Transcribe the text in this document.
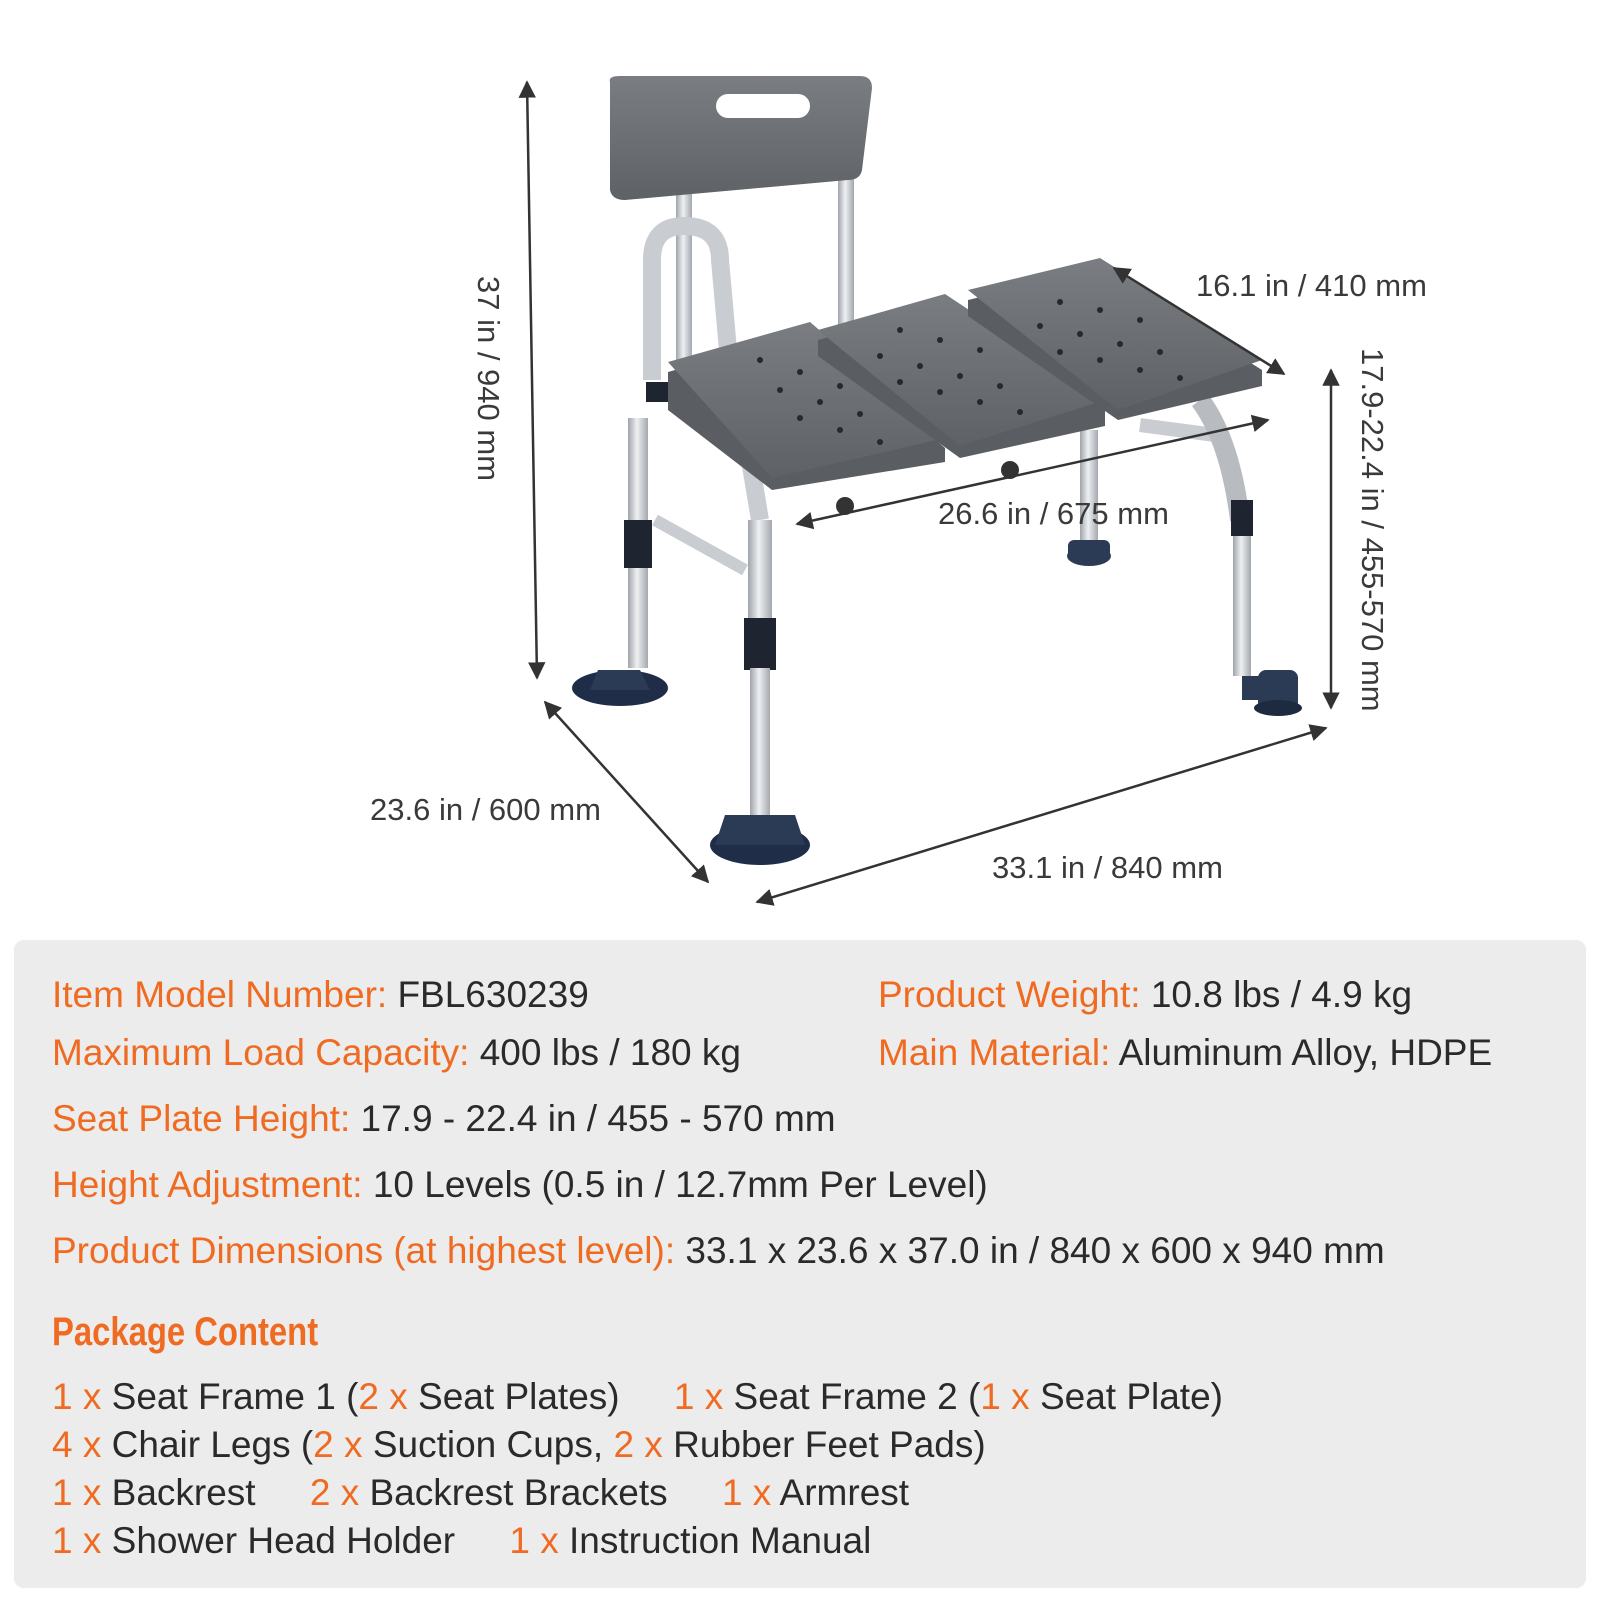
37 in / 940 mm	16.1 in / 410 mm
17.9-22.4 in / 455-570 mm
26.6 in / 675 mm
23.6 in / 600 mm
33.1 in / 840 mm
Item Model Number: FBL630239	Product Weight: 10.8 lbs / 4.9 kg
Maximum Load Capacity: 400 lbs / 180 kg	Main Material: Aluminum Alloy, HDPE
Seat Plate Height: 17.9 - 22.4 in / 455 - 570 mm
Height Adjustment: 10 Levels (0.5 in / 12.7mm Per Level)
Product Dimensions (at highest level): 33.1 x 23.6 x 37.0 in / 840 x 600 x 940 mm
Package Content
1 x Seat Frame 1 (2 x Seat Plates) 1 x Seat Frame 2 (1 x Seat Plate)
4 x Chair Legs (2 x Suction Cups, 2 x Rubber Feet Pads)
1 x Backrest 2 x Backrest Brackets 1 x Armrest
1 x Shower Head Holder 1 x Instruction Manual
